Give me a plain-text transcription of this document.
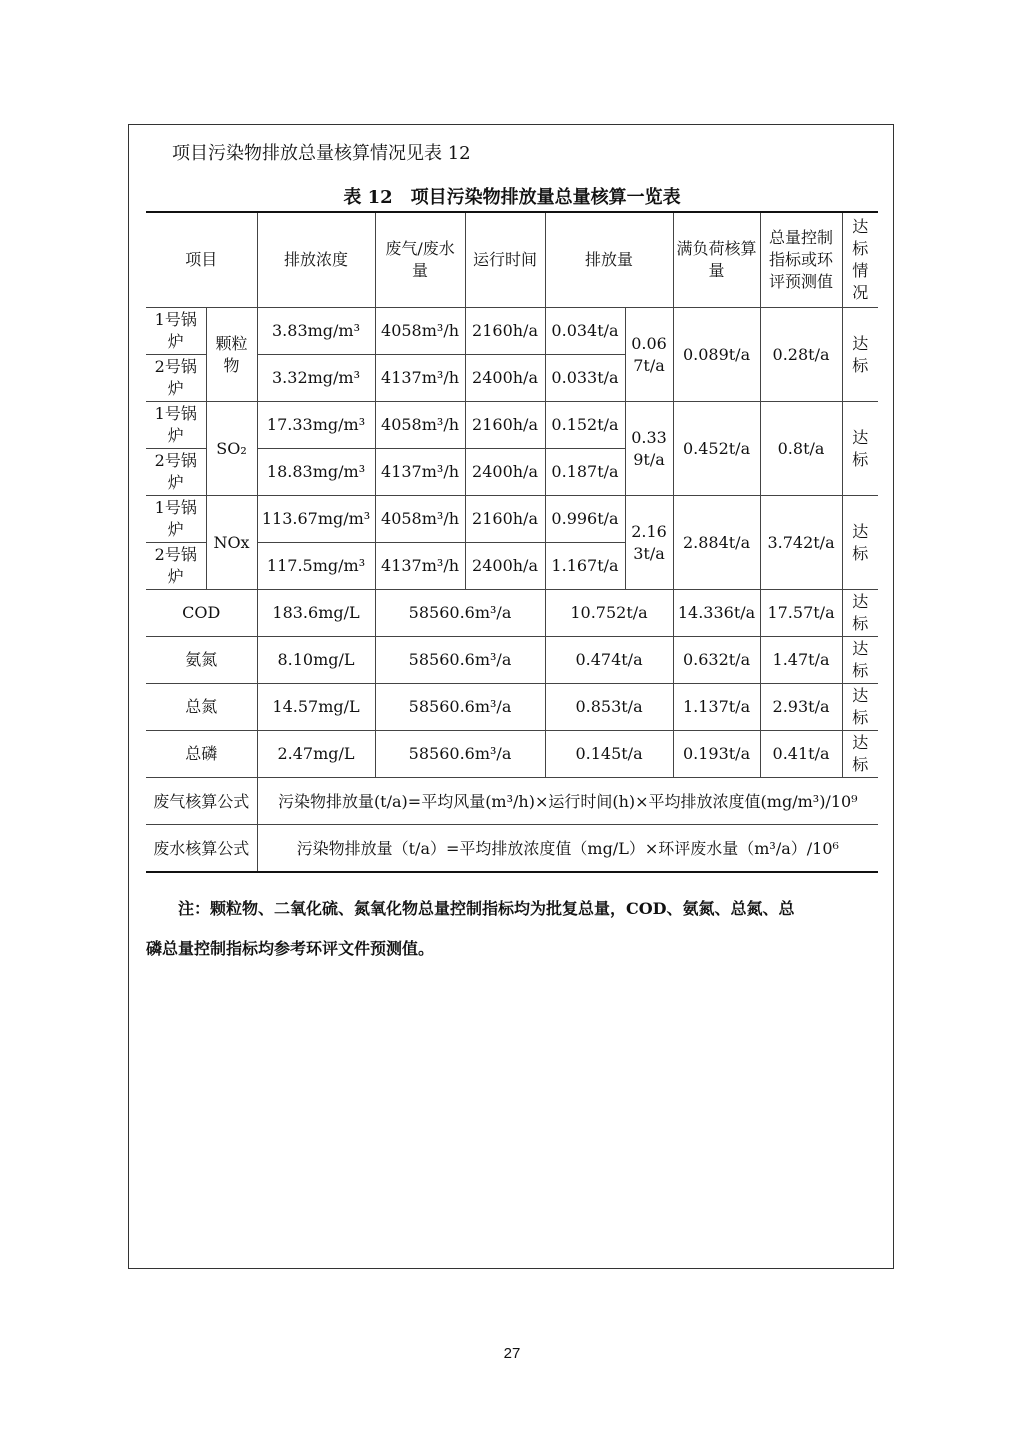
项目污染物排放总量核算情况见表 12
表 12　项目污染物排放量总量核算一览表
项目		排放浓度	废气/废水量	运行时间	排放量		满负荷核算量	总量控制指标或环评预测值	达标情况
1号锅炉	颗粒物	3.83mg/m³	4058m³/h	2160h/a	0.034t/a	0.067t/a	0.089t/a	0.28t/a	达标
2号锅炉		3.32mg/m³	4137m³/h	2400h/a	0.033t/a				
1号锅炉	SO₂	17.33mg/m³	4058m³/h	2160h/a	0.152t/a	0.339t/a	0.452t/a	0.8t/a	达标
2号锅炉		18.83mg/m³	4137m³/h	2400h/a	0.187t/a				
1号锅炉	NOx	113.67mg/m³	4058m³/h	2160h/a	0.996t/a	2.163t/a	2.884t/a	3.742t/a	达标
2号锅炉		117.5mg/m³	4137m³/h	2400h/a	1.167t/a				
COD		183.6mg/L	58560.6m³/a		10.752t/a		14.336t/a	17.57t/a	达标
氨氮		8.10mg/L	58560.6m³/a		0.474t/a		0.632t/a	1.47t/a	达标
总氮		14.57mg/L	58560.6m³/a		0.853t/a		1.137t/a	2.93t/a	达标
总磷		2.47mg/L	58560.6m³/a		0.145t/a		0.193t/a	0.41t/a	达标
废气核算公式		污染物排放量(t/a)=平均风量(m³/h)×运行时间(h)×平均排放浓度值(mg/m³)/10⁹							
废水核算公式		污染物排放量（t/a）=平均排放浓度值（mg/L）×环评废水量（m³/a）/10⁶							
注：颗粒物、二氧化硫、氮氧化物总量控制指标均为批复总量，COD、氨氮、总氮、总
磷总量控制指标均参考环评文件预测值。
27
